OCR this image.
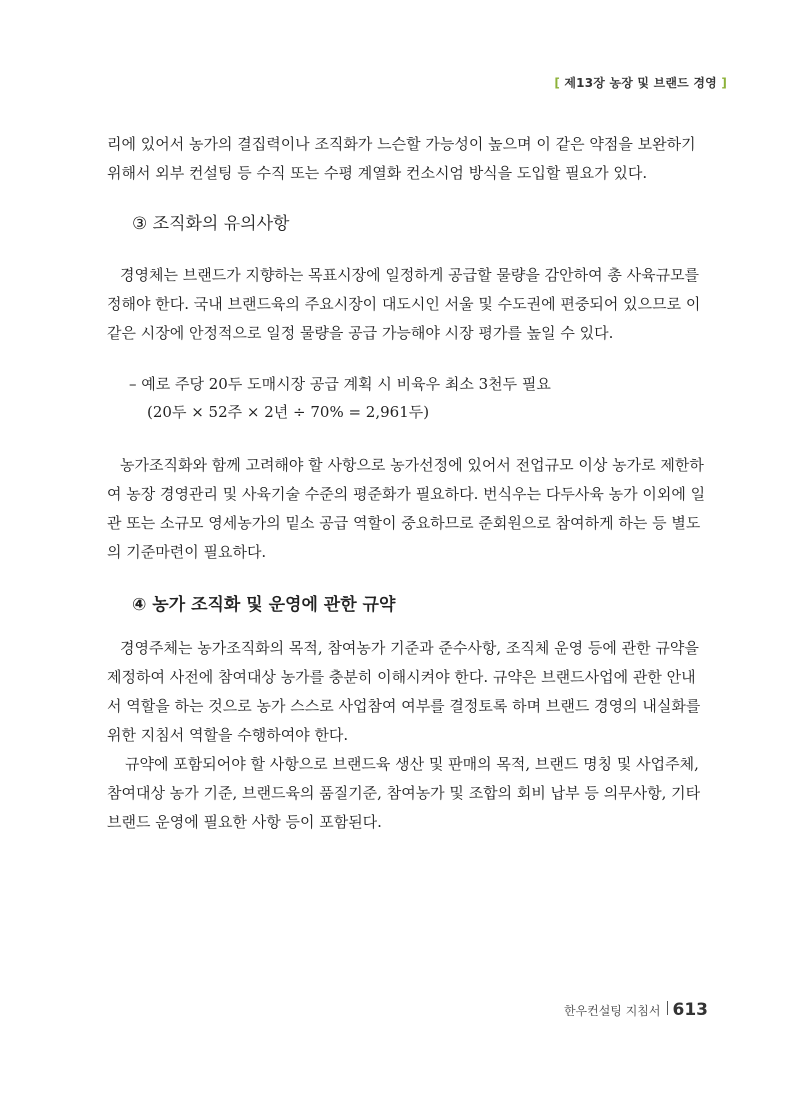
[ 제13장 농장 및 브랜드 경영 ]
리에 있어서 농가의 결집력이나 조직화가 느슨할 가능성이 높으며 이 같은 약점을 보완하기
위해서 외부 컨설팅 등 수직 또는 수평 계열화 컨소시엄 방식을 도입할 필요가 있다.
③ 조직화의 유의사항
경영체는 브랜드가 지향하는 목표시장에 일정하게 공급할 물량을 감안하여 총 사육규모를
정해야 한다. 국내 브랜드육의 주요시장이 대도시인 서울 및 수도권에 편중되어 있으므로 이
같은 시장에 안정적으로 일정 물량을 공급 가능해야 시장 평가를 높일 수 있다.
– 예로 주당 20두 도매시장 공급 계획 시 비육우 최소 3천두 필요
(20두 × 52주 × 2년 ÷ 70% = 2,961두)
농가조직화와 함께 고려해야 할 사항으로 농가선정에 있어서 전업규모 이상 농가로 제한하
여 농장 경영관리 및 사육기술 수준의 평준화가 필요하다. 번식우는 다두사육 농가 이외에 일
관 또는 소규모 영세농가의 밑소 공급 역할이 중요하므로 준회원으로 참여하게 하는 등 별도
의 기준마련이 필요하다.
④ 농가 조직화 및 운영에 관한 규약
경영주체는 농가조직화의 목적, 참여농가 기준과 준수사항, 조직체 운영 등에 관한 규약을
제정하여 사전에 참여대상 농가를 충분히 이해시켜야 한다. 규약은 브랜드사업에 관한 안내
서 역할을 하는 것으로 농가 스스로 사업참여 여부를 결정토록 하며 브랜드 경영의 내실화를
위한 지침서 역할을 수행하여야 한다.
규약에 포함되어야 할 사항으로 브랜드육 생산 및 판매의 목적, 브랜드 명칭 및 사업주체,
참여대상 농가 기준, 브랜드육의 품질기준, 참여농가 및 조합의 회비 납부 등 의무사항, 기타
브랜드 운영에 필요한 사항 등이 포함된다.
한우컨설팅 지침서 613
